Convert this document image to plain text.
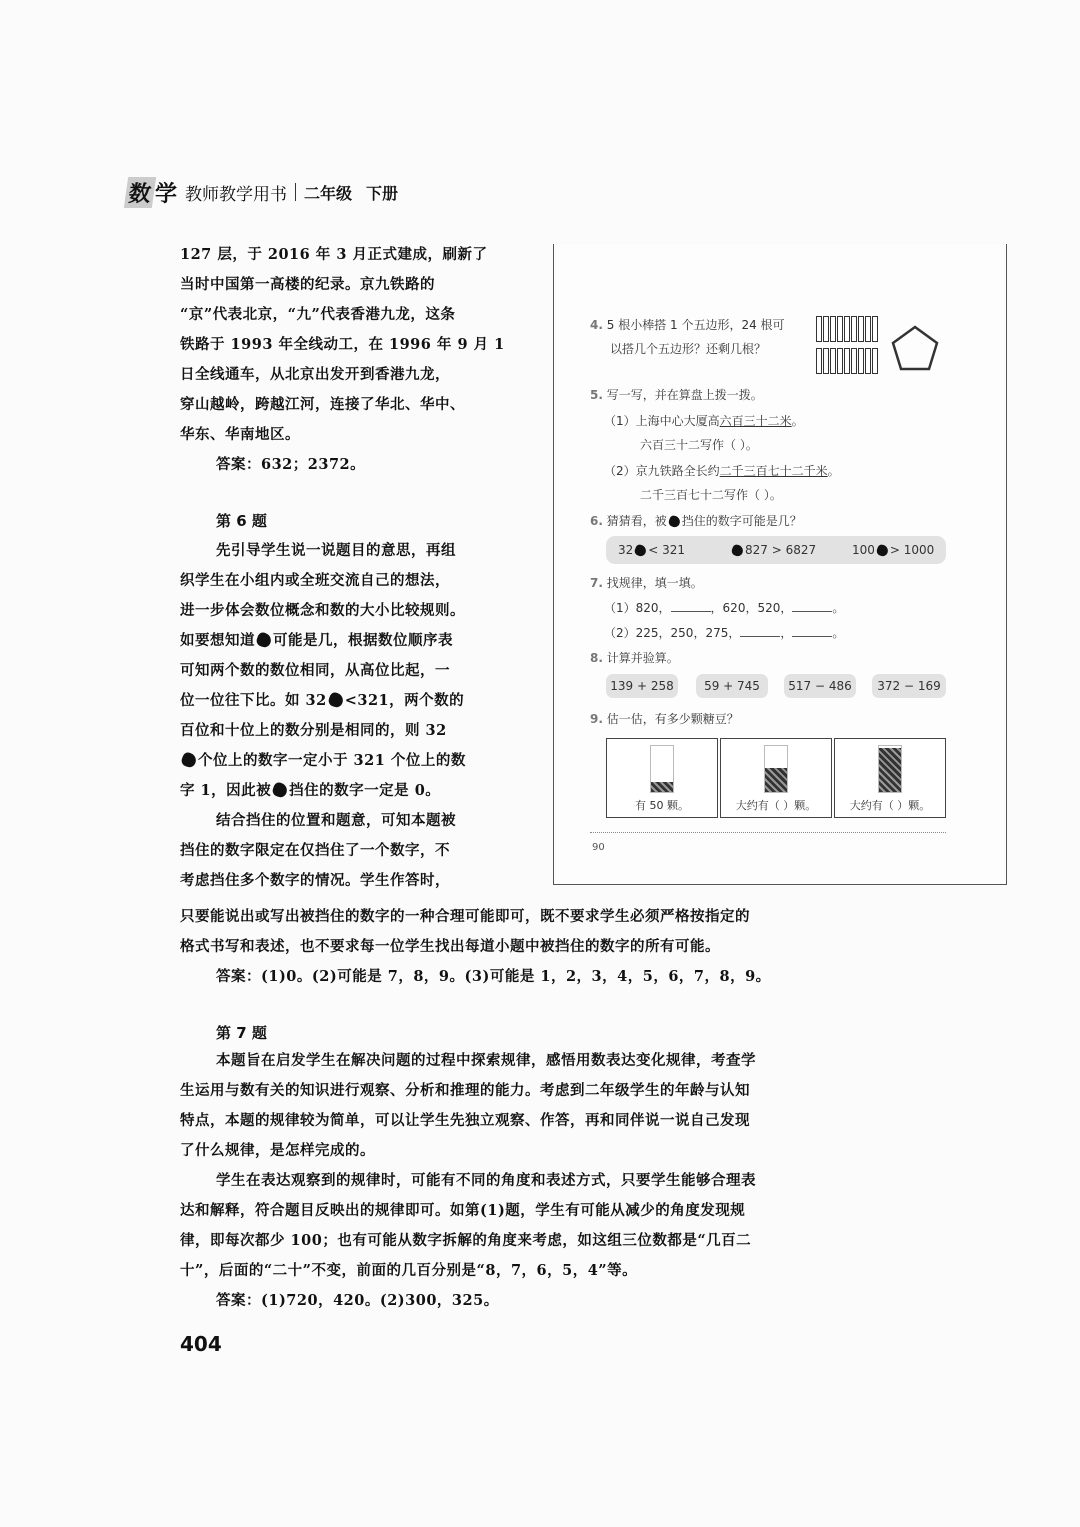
数 学 教师教学用书 二年级 下册
127 层，于 2016 年 3 月正式建成，刷新了
当时中国第一高楼的纪录。京九铁路的
“京”代表北京，“九”代表香港九龙，这条
铁路于 1993 年全线动工，在 1996 年 9 月 1
日全线通车，从北京出发开到香港九龙，
穿山越岭，跨越江河，连接了华北、华中、
华东、华南地区。
答案：632；2372。
第 6 题
先引导学生说一说题目的意思，再组
织学生在小组内或全班交流自己的想法，
进一步体会数位概念和数的大小比较规则。
如要想知道 可能是几，根据数位顺序表
可知两个数的数位相同，从高位比起，一
位一位往下比。如 32 <321，两个数的
百位和十位上的数分别是相同的，则 32
个位上的数字一定小于 321 个位上的数
字 1，因此被 挡住的数字一定是 0。
结合挡住的位置和题意，可知本题被
挡住的数字限定在仅挡住了一个数字，不
考虑挡住多个数字的情况。学生作答时，
只要能说出或写出被挡住的数字的一种合理可能即可，既不要求学生必须严格按指定的
格式书写和表述，也不要求每一位学生找出每道小题中被挡住的数字的所有可能。
答案：(1)0。(2)可能是 7，8，9。(3)可能是 1，2，3，4，5，6，7，8，9。
第 7 题
本题旨在启发学生在解决问题的过程中探索规律，感悟用数表达变化规律，考查学
生运用与数有关的知识进行观察、分析和推理的能力。考虑到二年级学生的年龄与认知
特点，本题的规律较为简单，可以让学生先独立观察、作答，再和同伴说一说自己发现
了什么规律，是怎样完成的。
学生在表达观察到的规律时，可能有不同的角度和表述方式，只要学生能够合理表
达和解释，符合题目反映出的规律即可。如第(1)题，学生有可能从减少的角度发现规
律，即每次都少 100；也有可能从数字拆解的角度来考虑，如这组三位数都是“几百二
十”，后面的“二十”不变，前面的几百分别是“8，7，6，5，4”等。
答案：(1)720，420。(2)300，325。
404
4. 5 根小棒搭 1 个五边形，24 根可
以搭几个五边形？还剩几根？
5. 写一写，并在算盘上拨一拨。
（1）上海中心大厦高六百三十二米。
六百三十二写作（ ）。
（2）京九铁路全长约二千三百七十二千米。
二千三百七十二写作（ ）。
6. 猜猜看，被 挡住的数字可能是几？
32 < 321	827 > 6827	100 > 1000
7. 找规律，填一填。
（1）820，	，620，520，	。
（2）225，250，275，	，	。
8. 计算并验算。
139 + 258	59 + 745	517 − 486	372 − 169
9. 估一估，有多少颗糖豆？
有 50 颗。	大约有（ ）颗。	大约有（ ）颗。
90
